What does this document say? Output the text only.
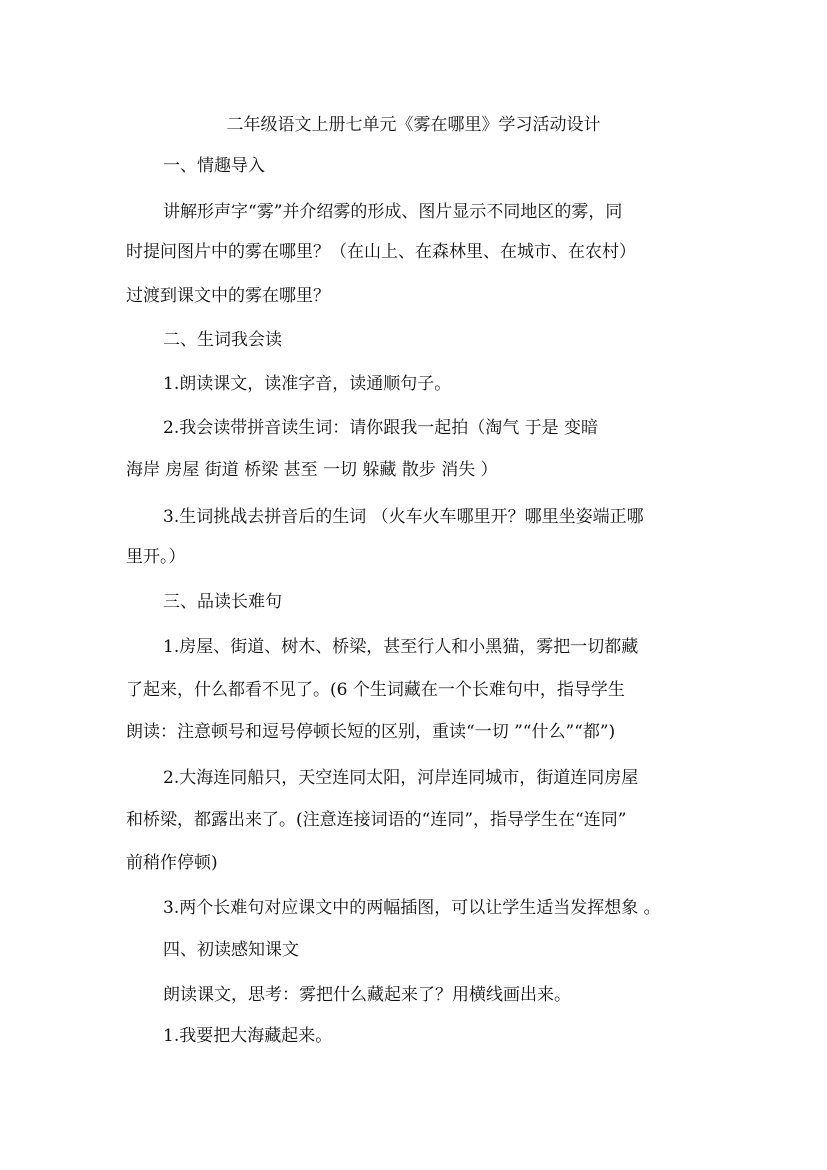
二年级语文上册七单元《雾在哪里》学习活动设计
一、情趣导入
讲解形声字“雾”并介绍雾的形成、图片显示不同地区的雾，同
时提问图片中的雾在哪里？（在山上、在森林里、在城市、在农村）
过渡到课文中的雾在哪里？
二、生词我会读
1.朗读课文，读准字音，读通顺句子。
2.我会读带拼音读生词：请你跟我一起拍（淘气 于是 变暗
海岸 房屋 街道 桥梁 甚至 一切 躲藏 散步 消失 ）
3.生词挑战去拼音后的生词 （火车火车哪里开？哪里坐姿端正哪
里开。）
三、品读长难句
1.房屋、街道、树木、桥梁，甚至行人和小黑猫，雾把一切都藏
了起来，什么都看不见了。(6 个生词藏在一个长难句中，指导学生
朗读：注意顿号和逗号停顿长短的区别，重读“一切 ”“什么”“都”)
2.大海连同船只，天空连同太阳，河岸连同城市，街道连同房屋
和桥梁，都露出来了。(注意连接词语的“连同”，指导学生在“连同”
前稍作停顿)
3.两个长难句对应课文中的两幅插图，可以让学生适当发挥想象 。
四、初读感知课文
朗读课文，思考：雾把什么藏起来了？用横线画出来。
1.我要把大海藏起来。
